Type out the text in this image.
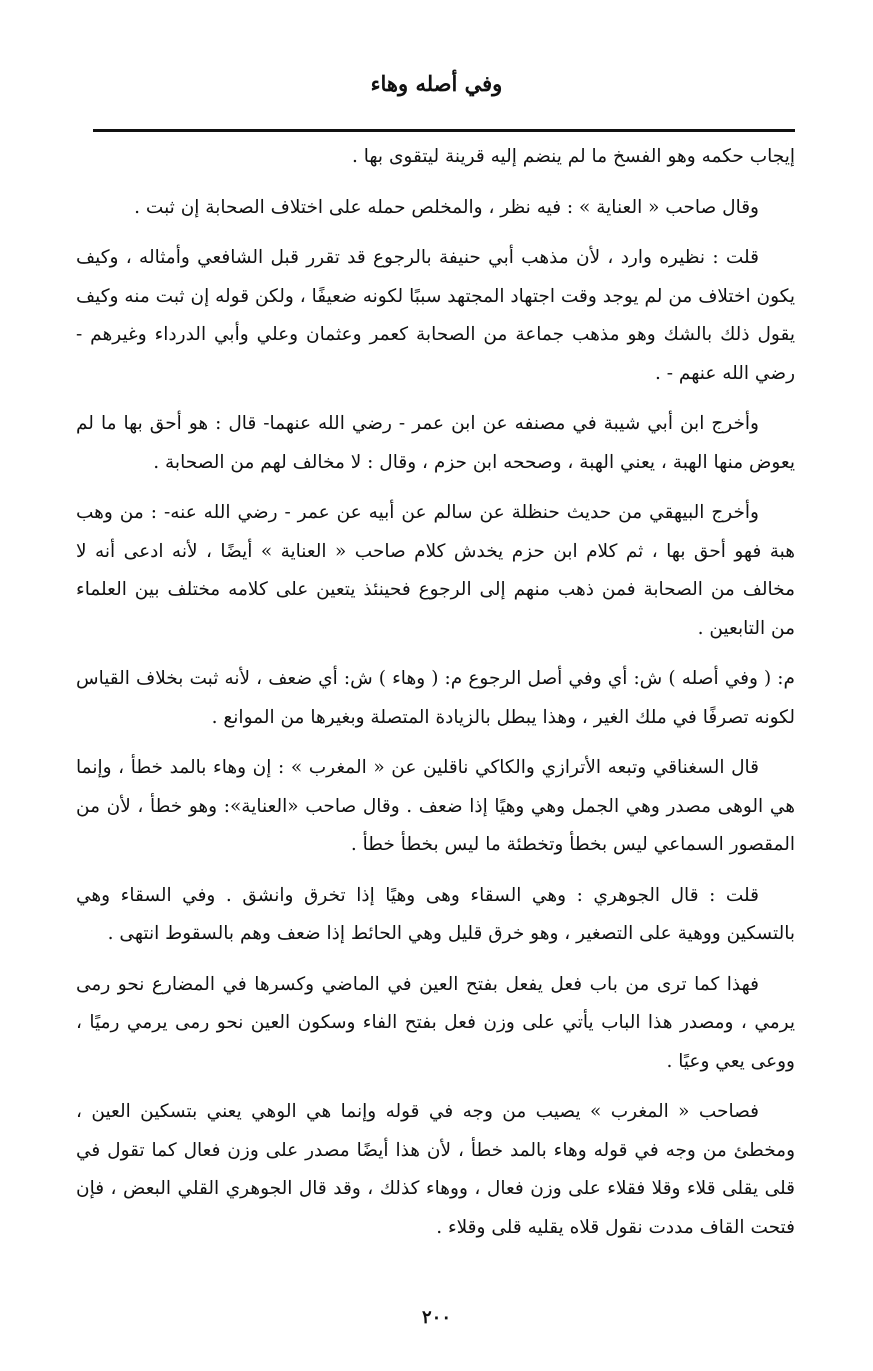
وفي أصله وهاء

إيجاب حكمه وهو الفسخ ما لم ينضم إليه قرينة ليتقوى بها .

وقال صاحب « العناية » : فيه نظر ، والمخلص حمله على اختلاف الصحابة إن ثبت .

قلت : نظيره وارد ، لأن مذهب أبي حنيفة بالرجوع قد تقرر قبل الشافعي وأمثاله ، وكيف يكون اختلاف من لم يوجد وقت اجتهاد المجتهد سببًا لكونه ضعيفًا ، ولكن قوله إن ثبت منه وكيف يقول ذلك بالشك وهو مذهب جماعة من الصحابة كعمر وعثمان وعلي وأبي الدرداء وغيرهم - رضي الله عنهم - .

وأخرج ابن أبي شيبة في مصنفه عن ابن عمر - رضي الله عنهما- قال : هو أحق بها ما لم يعوض منها الهبة ، يعني الهبة ، وصححه ابن حزم ، وقال : لا مخالف لهم من الصحابة .

وأخرج البيهقي من حديث حنظلة عن سالم عن أبيه عن عمر - رضي الله عنه- : من وهب هبة فهو أحق بها ، ثم كلام ابن حزم يخدش كلام صاحب « العناية » أيضًا ، لأنه ادعى أنه لا مخالف من الصحابة فمن ذهب منهم إلى الرجوع فحينئذ يتعين على كلامه مختلف بين العلماء من التابعين .

م: ( وفي أصله ) ش: أي وفي أصل الرجوع م: ( وهاء ) ش: أي ضعف ، لأنه ثبت بخلاف القياس لكونه تصرفًا في ملك الغير ، وهذا يبطل بالزيادة المتصلة وبغيرها من الموانع .

قال السغناقي وتبعه الأترازي والكاكي ناقلين عن « المغرب » : إن وهاء بالمد خطأ ، وإنما هي الوهى مصدر وهي الجمل وهي وهيًا إذا ضعف . وقال صاحب «العناية»: وهو خطأ ، لأن من المقصور السماعي ليس بخطأ وتخطئة ما ليس بخطأ خطأ .

قلت : قال الجوهري : وهي السقاء وهى وهيًا إذا تخرق وانشق . وفي السقاء وهي بالتسكين ووهية على التصغير ، وهو خرق قليل وهي الحائط إذا ضعف وهم بالسقوط انتهى .

فهذا كما ترى من باب فعل يفعل بفتح العين في الماضي وكسرها في المضارع نحو رمى يرمي ، ومصدر هذا الباب يأتي على وزن فعل بفتح الفاء وسكون العين نحو رمى يرمي رميًا ، ووعى يعي وعيًا .

فصاحب « المغرب » يصيب من وجه في قوله وإنما هي الوهي يعني بتسكين العين ، ومخطئ من وجه في قوله وهاء بالمد خطأ ، لأن هذا أيضًا مصدر على وزن فعال كما تقول في قلى يقلى قلاء وقلا فقلاء على وزن فعال ، ووهاء كذلك ، وقد قال الجوهري القلي البعض ، فإن فتحت القاف مددت نقول قلاه يقليه قلى وقلاء .

٢٠٠
